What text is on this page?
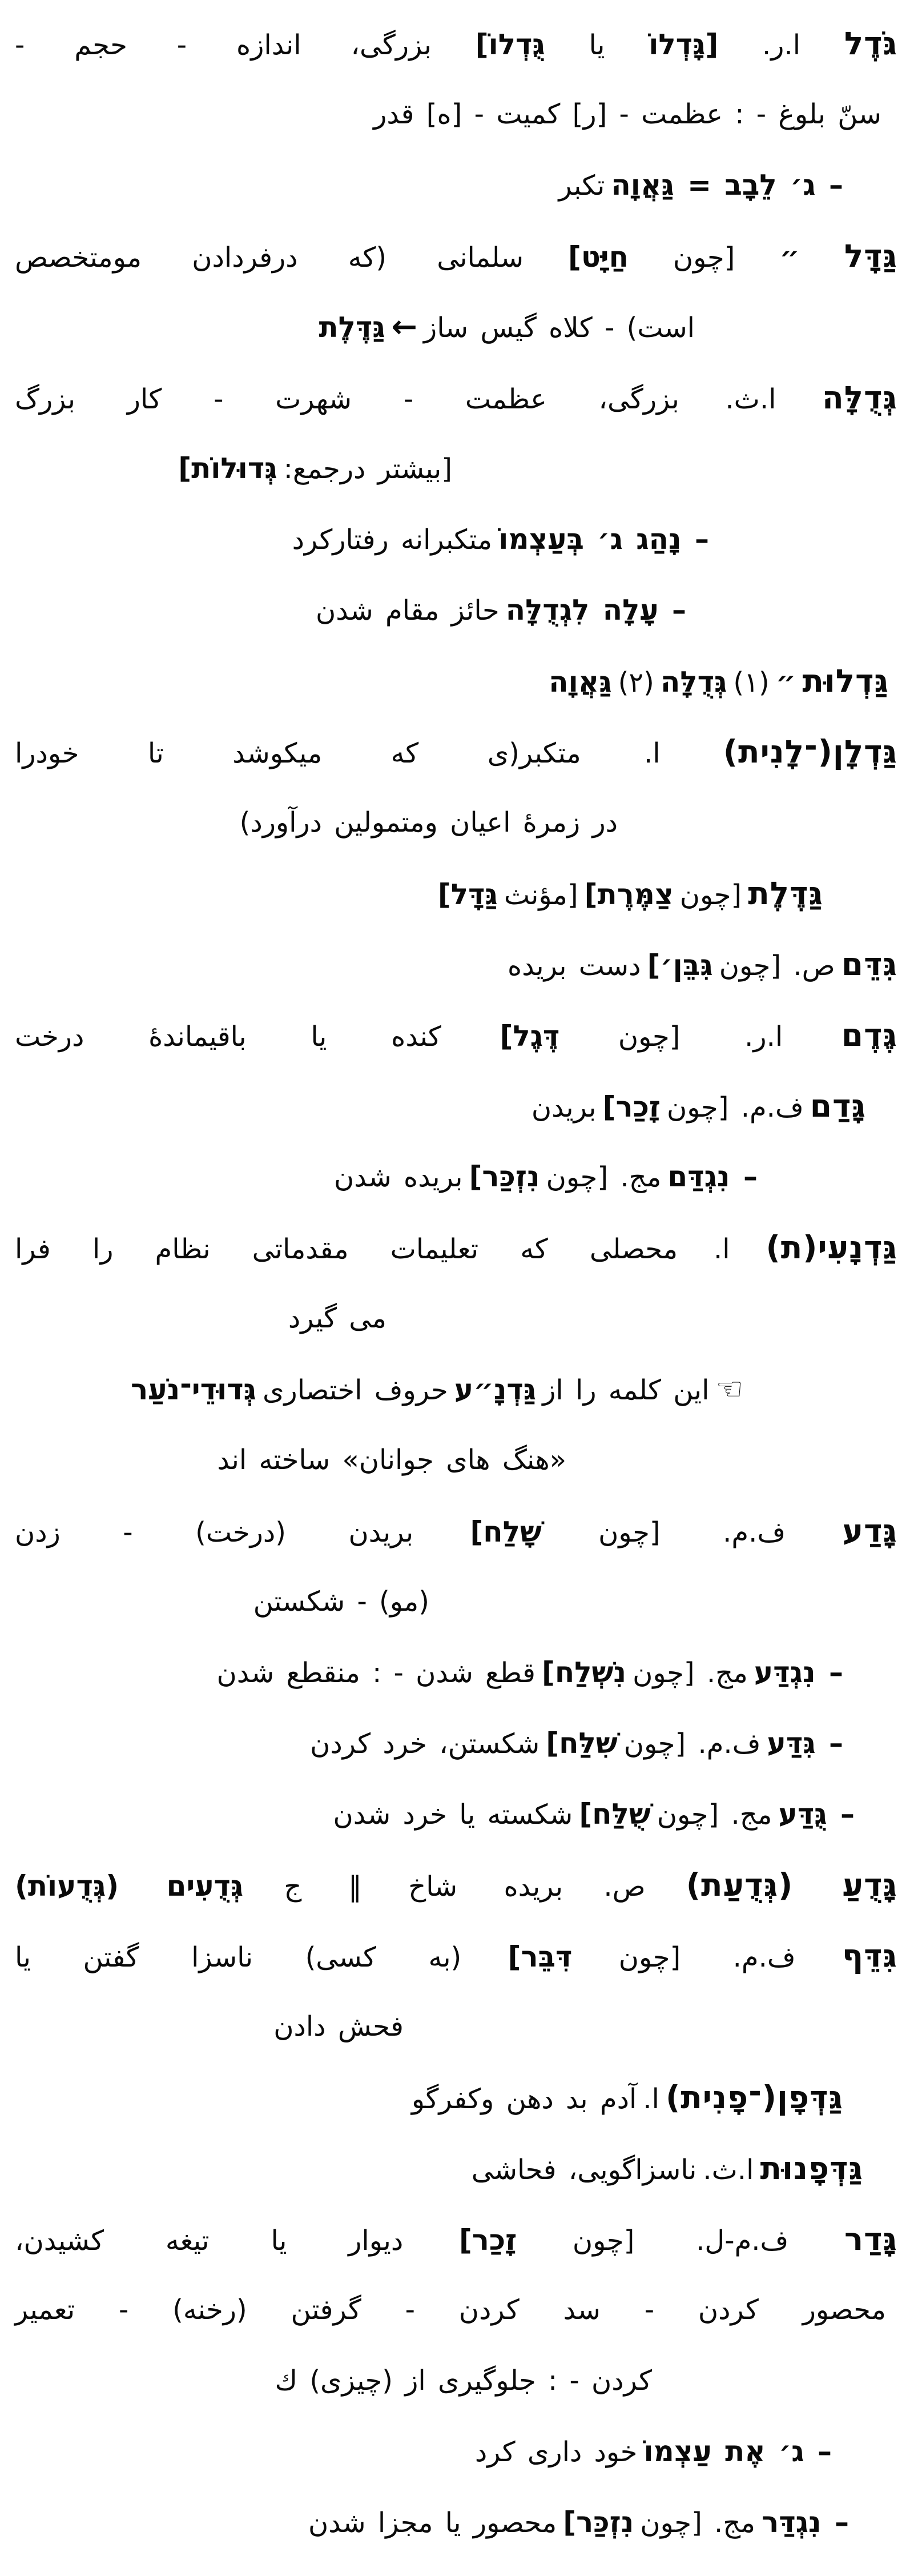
גֹּדֶל ا.ر. [גָּדְלוֹ یا גֻּדְלוֹ] بزرگی، اندازه - حجم -
سنّ بلوغ - : عظمت - [ر] کمیت - [ه] قدر
– ג׳ לֵבָב = גַּאֲוָה تكبر
גַּדָּל ״ [چون חַיָּט] سلمانی (که درفردادن مومتخصص
است) - کلاه گیس ساز ← גַּדֶּלֶת
גְּדֻלָּה ا.ث. بزرگی، عظمت - شهرت - کار بزرگ
[بیشتر درجمع: גְּדוּלוֹת]
– נָהַג ג׳ בְּעַצְמוֹ متکبرانه رفتارکرد
– עָלָה לִגְדֻלָּה حائز مقام شدن
גַּדְלוּת ״ (١) גְּדֻלָּה (٢) גַּאֲוָה
גַּדְלָן(־לָנִית) ا. متکبر(ی که میکوشد تا خودرا
در زمرۀ اعیان ومتمولین درآورد)
גַּדֶּלֶת [چون צַמֶּרֶת] [مؤنث גַּדָּל]
גִּדֵּם ص. [چون גִּבֵּן׳] دست بریده
גֶּדֶם ا.ر. [چون דֶּגֶל] کنده یا باقیماندۀ درخت
גָּדַם ف.م. [چون זָכַר] بریدن
– נִגְדַּם مج. [چون נִזְכַּר] بریده شدن
גַּדְנָעִי(ת) ا. محصلی که تعلیمات مقدماتی نظام را فرا
می گیرد
☜ این کلمه را از גַּדְנָ״ע حروف اختصاری גְּדוּדֵי־נֹעַר
«هنگ های جوانان» ساخته اند
גָּדַע ف.م. [چون שָׁלַח] بریدن (درخت) - زدن
(مو) - شکستن
– נִגְדַּע مج. [چون נִשְׁלַח] قطع شدن - : منقطع شدن
– גִּדַּע ف.م. [چون שִׁלַּח] شکستن، خرد کردن
– גֻּדַּע مج. [چون שֻׁלַּח] شکسته یا خرد شدن
גָּדֻעַ (גְּדֻעַת) ص. بریده شاخ ‖ ج גְּדֻעִים (גְּדֻעוֹת)
גִּדֵּף ف.م. [چون דִּבֵּר] (به کسی) ناسزا گفتن یا
فحش دادن
גַּדְּפָן(־פָנִית) ا. آدم بد دهن وکفرگو
גַּדְּפָנוּת ا.ث. ناسزاگویی، فحاشی
גָּדַר ف.م-ل. [چون זָכַר] دیوار یا تیغه کشیدن،
محصور کردن - سد کردن - گرفتن (رخنه) - تعمیر
کردن - : جلوگیری از (چیزی) ك
– ג׳ אֶת עַצְמוֹ خود داری کرد
– נִגְדַּר مج. [چون נִזְכַּר] محصور یا مجزا شدن
